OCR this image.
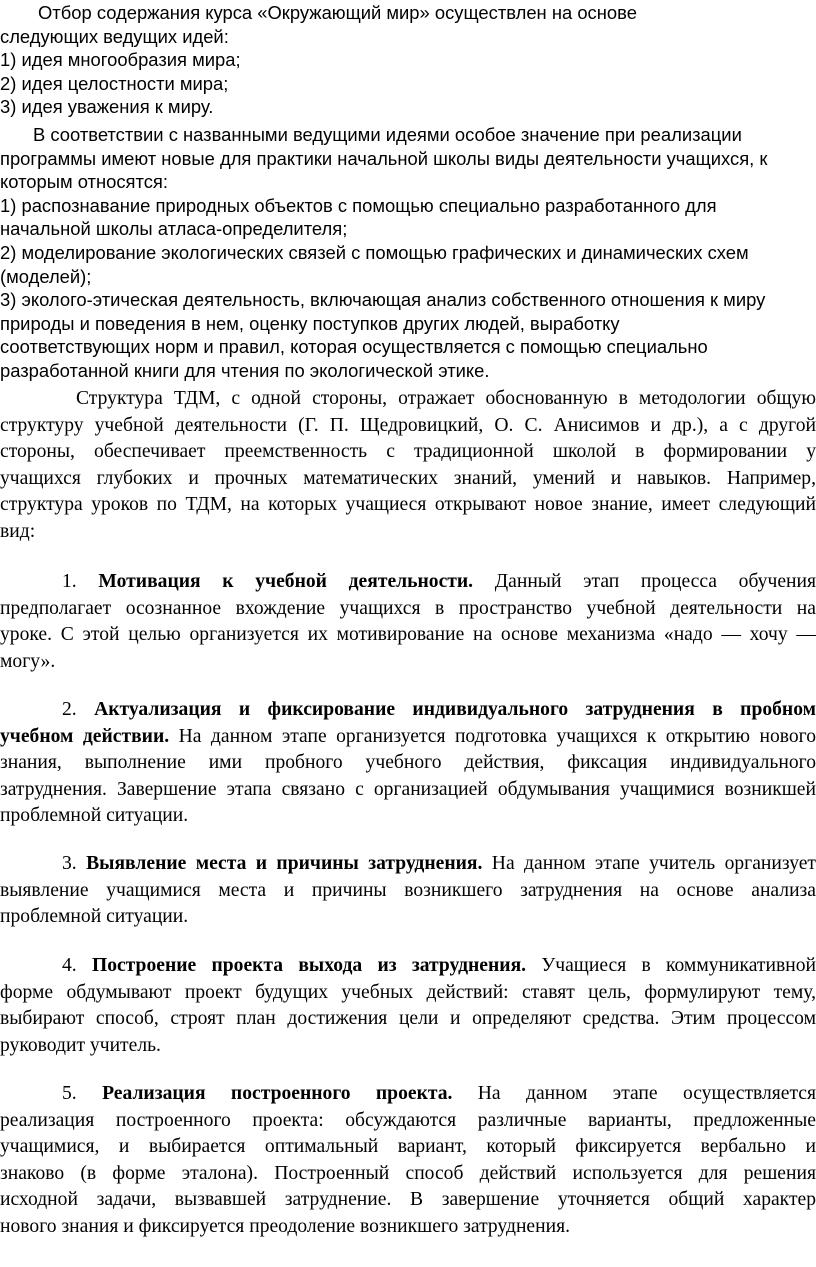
Отбор содержания курса «Окружающий мир» осуществлен на основе
следующих ведущих идей:
1) идея многообразия мира;
2) идея целостности мира;
3) идея уважения к миру.
В соответствии с названными ведущими идеями особое значение при реализации
программы имеют новые для практики начальной школы виды деятельности учащихся, к
которым относятся:
1) распознавание природных объектов с помощью специально разработанного для
начальной школы атласа-определителя;
2) моделирование экологических связей с помощью графических и динамических схем
(моделей);
3) эколого-этическая деятельность, включающая анализ собственного отношения к миру
природы и поведения в нем, оценку поступков других людей, выработку
соответствующих норм и правил, которая осуществляется с помощью специально
разработанной книги для чтения по экологической этике.
Структура ТДМ, с одной стороны, отражает обоснованную в методологии общую
структуру учебной деятельности (Г. П. Щедровицкий, О. С. Анисимов и др.), а с другой
стороны, обеспечивает преемственность с традиционной школой в формировании у
учащихся глубоких и прочных математических знаний, умений и навыков. Например,
структура уроков по ТДМ, на которых учащиеся открывают новое знание, имеет следующий
вид:
1. Мотивация к учебной деятельности. Данный этап процесса обучения
предполагает осознанное вхождение учащихся в пространство учебной деятельности на
уроке. С этой целью организуется их мотивирование на основе механизма «надо — хочу —
могу».
2. Актуализация и фиксирование индивидуального затруднения в пробном
учебном действии. На данном этапе организуется подготовка учащихся к открытию нового
знания, выполнение ими пробного учебного действия, фиксация индивидуального
затруднения. Завершение этапа связано с организацией обдумывания учащимися возникшей
проблемной ситуации.
3. Выявление места и причины затруднения. На данном этапе учитель организует
выявление учащимися места и причины возникшего затруднения на основе анализа
проблемной ситуации.
4. Построение проекта выхода из затруднения. Учащиеся в коммуникативной
форме обдумывают проект будущих учебных действий: ставят цель, формулируют тему,
выбирают способ, строят план достижения цели и определяют средства. Этим процессом
руководит учитель.
5. Реализация построенного проекта. На данном этапе осуществляется
реализация построенного проекта: обсуждаются различные варианты, предложенные
учащимися, и выбирается оптимальный вариант, который фиксируется вербально и
знаково (в форме эталона). Построенный способ действий используется для решения
исходной задачи, вызвавшей затруднение. В завершение уточняется общий характер
нового знания и фиксируется преодоление возникшего затруднения.
